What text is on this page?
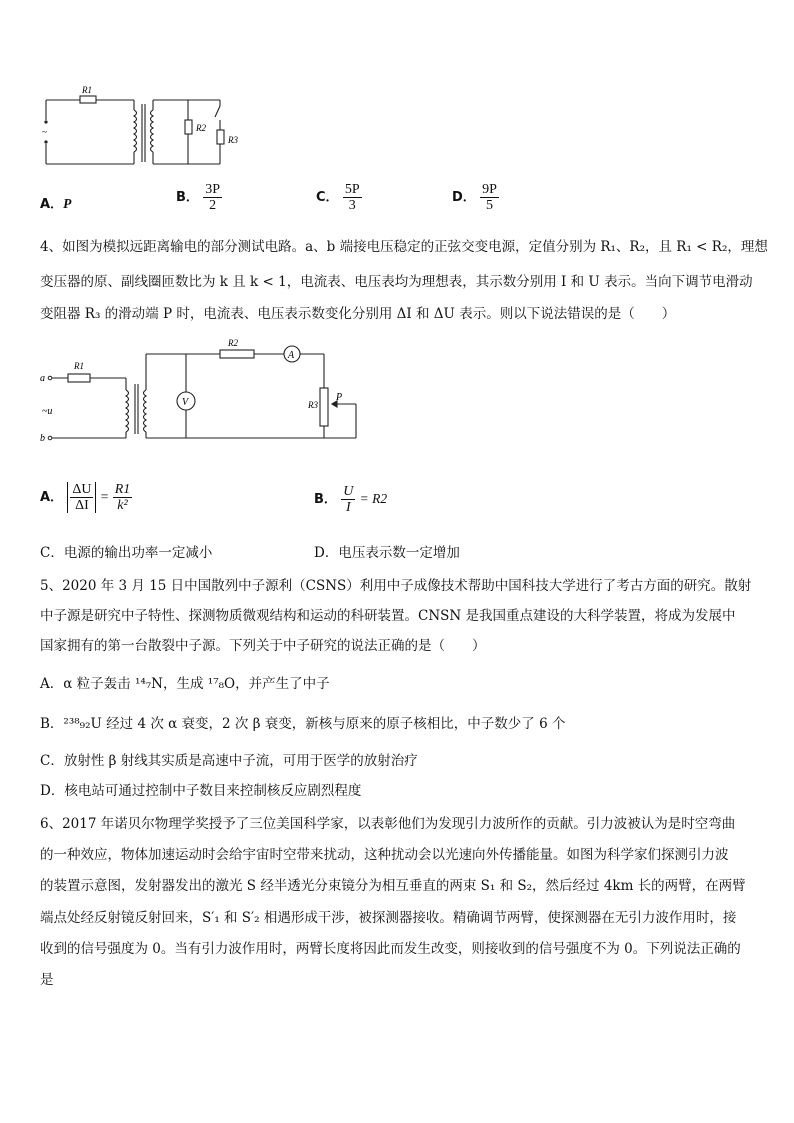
~
R1
R2
R3
A．P	B． $\frac{3P}{2}$	C． $\frac{5P}{3}$	D． $\frac{9P}{5}$
4、如图为模拟远距离输电的部分测试电路。a、b 端接电压稳定的正弦交变电源，定值分别为 R₁、R₂，且 R₁ < R₂，理想
变压器的原、副线圈匝数比为 k 且 k < 1，电流表、电压表均为理想表，其示数分别用 I 和 U 表示。当向下调节电滑动
变阻器 R₃ 的滑动端 P 时，电流表、电压表示数变化分别用 ΔI 和 ΔU 表示。则以下说法错误的是（　　）
a
b
~u
R1
R2
R3
A
V	P
A． $\frac{\Delta U}{\Delta I} = \frac{R1}{\text{k²}}$	B． $\frac{U}{I} = R2$
C．电源的输出功率一定减小	D．电压表示数一定增加
5、2020 年 3 月 15 日中国散列中子源利（CSNS）利用中子成像技术帮助中国科技大学进行了考古方面的研究。散射
中子源是研究中子特性、探测物质微观结构和运动的科研装置。CNSN 是我国重点建设的大科学装置，将成为发展中
国家拥有的第一台散裂中子源。下列关于中子研究的说法正确的是（　　）
A．α 粒子轰击 ¹⁴₇N，生成 ¹⁷₈O，并产生了中子
B．²³⁸₉₂U 经过 4 次 α 衰变，2 次 β 衰变，新核与原来的原子核相比，中子数少了 6 个
C．放射性 β 射线其实质是高速中子流，可用于医学的放射治疗
D．核电站可通过控制中子数目来控制核反应剧烈程度
6、2017 年诺贝尔物理学奖授予了三位美国科学家，以表彰他们为发现引力波所作的贡献。引力波被认为是时空弯曲
的一种效应，物体加速运动时会给宇宙时空带来扰动，这种扰动会以光速向外传播能量。如图为科学家们探测引力波
的装置示意图，发射器发出的激光 S 经半透光分束镜分为相互垂直的两束 S₁ 和 S₂，然后经过 4km 长的两臂，在两臂
端点处经反射镜反射回来，S′₁ 和 S′₂ 相遇形成干涉，被探测器接收。精确调节两臂，使探测器在无引力波作用时，接
收到的信号强度为 0。当有引力波作用时，两臂长度将因此而发生改变，则接收到的信号强度不为 0。下列说法正确的
是
